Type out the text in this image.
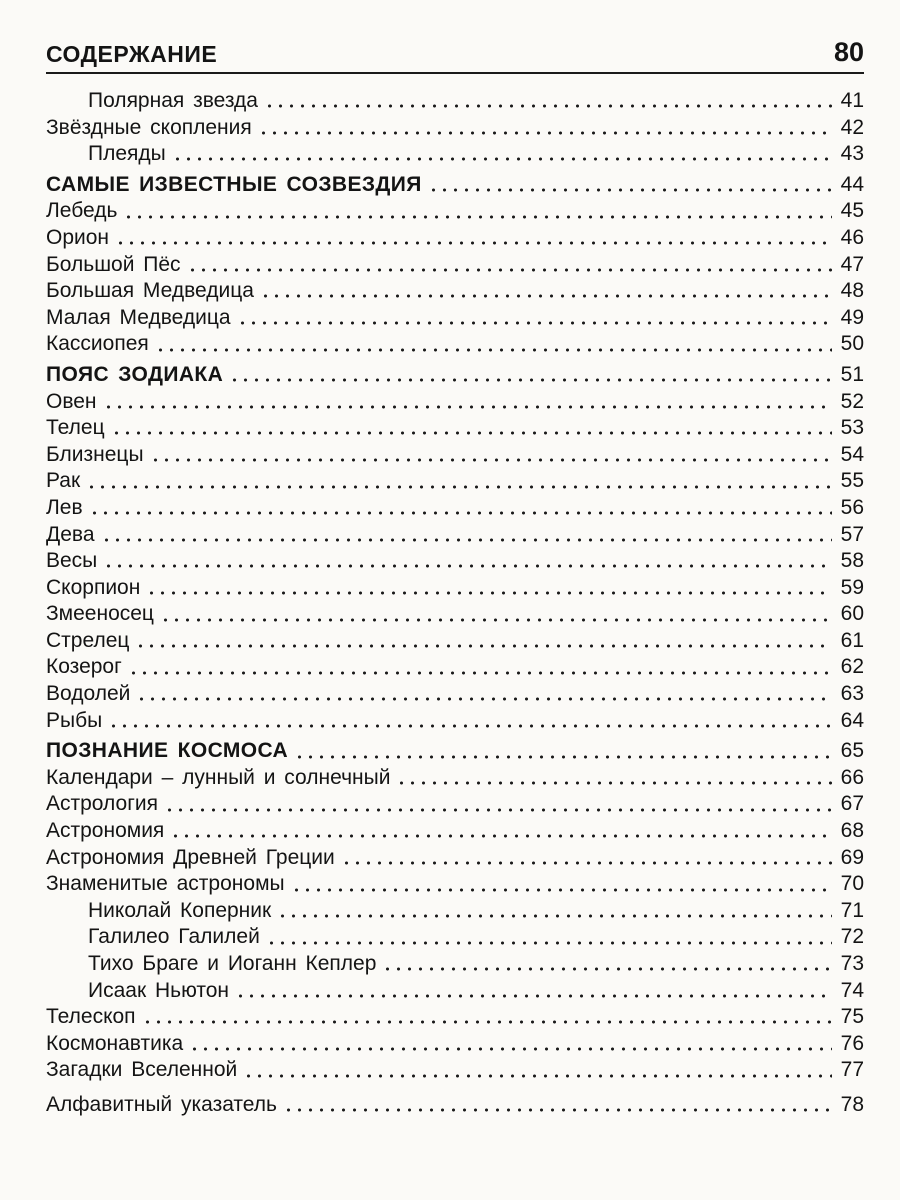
СОДЕРЖАНИЕ	80
Полярная звезда	41
Звёздные скопления	42
Плеяды	43
САМЫЕ ИЗВЕСТНЫЕ СОЗВЕЗДИЯ	44
Лебедь	45
Орион	46
Большой Пёс	47
Большая Медведица	48
Малая Медведица	49
Кассиопея	50
ПОЯС ЗОДИАКА	51
Овен	52
Телец	53
Близнецы	54
Рак	55
Лев	56
Дева	57
Весы	58
Скорпион	59
Змееносец	60
Стрелец	61
Козерог	62
Водолей	63
Рыбы	64
ПОЗНАНИЕ КОСМОСА	65
Календари – лунный и солнечный	66
Астрология	67
Астрономия	68
Астрономия Древней Греции	69
Знаменитые астрономы	70
Николай Коперник	71
Галилео Галилей	72
Тихо Браге и Иоганн Кеплер	73
Исаак Ньютон	74
Телескоп	75
Космонавтика	76
Загадки Вселенной	77
Алфавитный указатель	78
